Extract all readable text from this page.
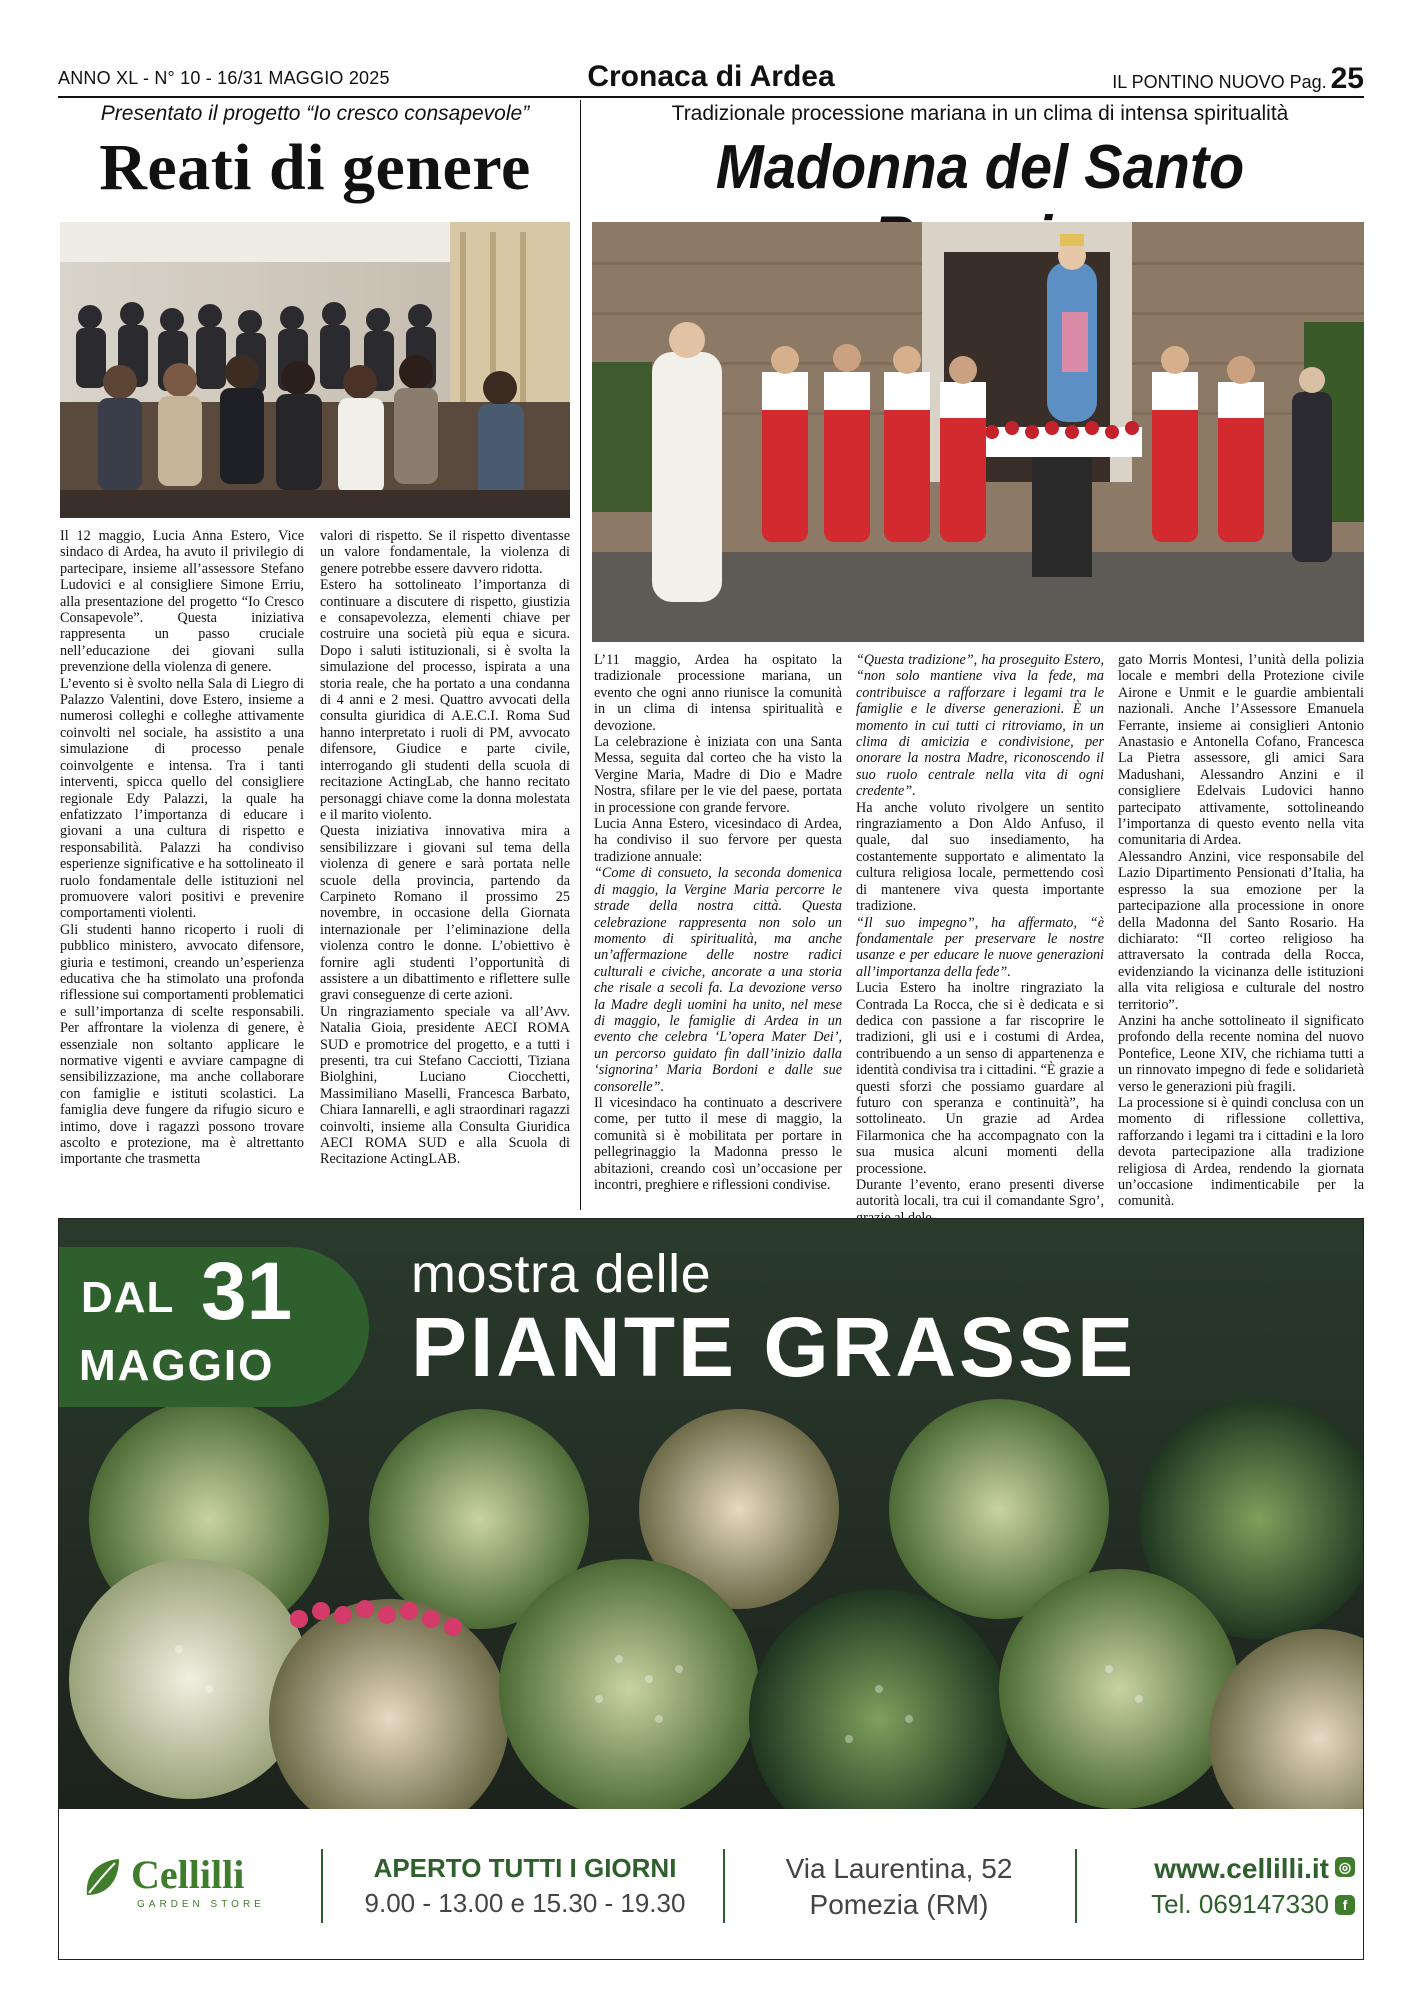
ANNO XL - N° 10 - 16/31 MAGGIO 2025	Cronaca di Ardea	IL PONTINO NUOVO Pag. 25
Presentato il progetto “Io cresco consapevole”
Reati di genere

Il 12 maggio, Lucia Anna Estero, Vice sindaco di Ardea, ha avuto il privilegio di partecipare, insieme all’assessore Stefano Ludovici e al consigliere Simone Erriu, alla presentazione del progetto “Io Cresco Consapevole”. Questa iniziativa rappresenta un passo cruciale nell’educazione dei giovani sulla prevenzione della violenza di genere.

L’evento si è svolto nella Sala di Liegro di Palazzo Valentini, dove Estero, insieme a numerosi colleghi e colleghe attivamente coinvolti nel sociale, ha assistito a una simulazione di processo penale coinvolgente e intensa. Tra i tanti interventi, spicca quello del consigliere regionale Edy Palazzi, la quale ha enfatizzato l’importanza di educare i giovani a una cultura di rispetto e responsabilità. Palazzi ha condiviso esperienze significative e ha sottolineato il ruolo fondamentale delle istituzioni nel promuovere valori positivi e prevenire comportamenti violenti.

Gli studenti hanno ricoperto i ruoli di pubblico ministero, avvocato difensore, giuria e testimoni, creando un’esperienza educativa che ha stimolato una profonda riflessione sui comportamenti problematici e sull’importanza di scelte responsabili. Per affrontare la violenza di genere, è essenziale non soltanto applicare le normative vigenti e avviare campagne di sensibilizzazione, ma anche collaborare con famiglie e istituti scolastici. La famiglia deve fungere da rifugio sicuro e intimo, dove i ragazzi possono trovare ascolto e protezione, ma è altrettanto importante che trasmetta

valori di rispetto. Se il rispetto diventasse un valore fondamentale, la violenza di genere potrebbe essere davvero ridotta.

Estero ha sottolineato l’importanza di continuare a discutere di rispetto, giustizia e consapevolezza, elementi chiave per costruire una società più equa e sicura. Dopo i saluti istituzionali, si è svolta la simulazione del processo, ispirata a una storia reale, che ha portato a una condanna di 4 anni e 2 mesi. Quattro avvocati della consulta giuridica di A.E.C.I. Roma Sud hanno interpretato i ruoli di PM, avvocato difensore, Giudice e parte civile, interrogando gli studenti della scuola di recitazione ActingLab, che hanno recitato personaggi chiave come la donna molestata e il marito violento.

Questa iniziativa innovativa mira a sensibilizzare i giovani sul tema della violenza di genere e sarà portata nelle scuole della provincia, partendo da Carpineto Romano il prossimo 25 novembre, in occasione della Giornata internazionale per l’eliminazione della violenza contro le donne. L’obiettivo è fornire agli studenti l’opportunità di assistere a un dibattimento e riflettere sulle gravi conseguenze di certe azioni.

Un ringraziamento speciale va all’Avv. Natalia Gioia, presidente AECI ROMA SUD e promotrice del progetto, e a tutti i presenti, tra cui Stefano Cacciotti, Tiziana Biolghini, Luciano Ciocchetti, Massimiliano Maselli, Francesca Barbato, Chiara Iannarelli, e agli straordinari ragazzi coinvolti, insieme alla Consulta Giuridica AECI ROMA SUD e alla Scuola di Recitazione ActingLAB.

Tradizionale processione mariana in un clima di intensa spiritualità
Madonna del Santo

L’11 maggio, Ardea ha ospitato la tradizionale processione mariana, un evento che ogni anno riunisce la comunità in un clima di intensa spiritualità e devozione.

La celebrazione è iniziata con una Santa Messa, seguita dal corteo che ha visto la Vergine Maria, Madre di Dio e Madre Nostra, sfilare per le vie del paese, portata in processione con grande fervore.

Lucia Anna Estero, vicesindaco di Ardea, ha condiviso il suo fervore per questa tradizione annuale:

“Come di consueto, la seconda domenica di maggio, la Vergine Maria percorre le strade della nostra città. Questa celebrazione rappresenta non solo un momento di spiritualità, ma anche un’affermazione delle nostre radici culturali e civiche, ancorate a una storia che risale a secoli fa. La devozione verso la Madre degli uomini ha unito, nel mese di maggio, le famiglie di Ardea in un evento che celebra ‘L’opera Mater Dei’, un percorso guidato fin dall’inizio dalla ‘signorina’ Maria Bordoni e dalle sue consorelle”.

Il vicesindaco ha continuato a descrivere come, per tutto il mese di maggio, la comunità si è mobilitata per portare in pellegrinaggio la Madonna presso le abitazioni, creando così un’occasione per incontri, preghiere e riflessioni condivise.

“Questa tradizione”, ha proseguito Estero, “non solo mantiene viva la fede, ma contribuisce a rafforzare i legami tra le famiglie e le diverse generazioni. È un momento in cui tutti ci ritroviamo, in un clima di amicizia e condivisione, per onorare la nostra Madre, riconoscendo il suo ruolo centrale nella vita di ogni credente”.

Ha anche voluto rivolgere un sentito ringraziamento a Don Aldo Anfuso, il quale, dal suo insediamento, ha costantemente supportato e alimentato la cultura religiosa locale, permettendo così di mantenere viva questa importante tradizione.

“Il suo impegno”, ha affermato, “è fondamentale per preservare le nostre usanze e per educare le nuove generazioni all’importanza della fede”.

Lucia Estero ha inoltre ringraziato la Contrada La Rocca, che si è dedicata e si dedica con passione a far riscoprire le tradizioni, gli usi e i costumi di Ardea, contribuendo a un senso di appartenenza e identità condivisa tra i cittadini. “È grazie a questi sforzi che possiamo guardare al futuro con speranza e continuità”, ha sottolineato. Un grazie ad Ardea Filarmonica che ha accompagnato con la sua musica alcuni momenti della processione.

Durante l’evento, erano presenti diverse autorità locali, tra cui il comandante Sgro’,

gato Morris Montesi, l’unità della polizia locale e membri della Protezione civile Airone e Unmit e le guardie ambientali nazionali. Anche l’Assessore Emanuela Ferrante, insieme ai consiglieri Antonio Anastasio e Antonella Cofano, Francesca La Pietra assessore, gli amici Sara Madushani, Alessandro Anzini e il consigliere Edelvais Ludovici hanno partecipato attivamente, sottolineando l’importanza di questo evento nella vita comunitaria di Ardea.

Alessandro Anzini, vice responsabile del Lazio Dipartimento Pensionati d’Italia, ha espresso la sua emozione per la partecipazione alla processione in onore della Madonna del Santo Rosario. Ha dichiarato: “Il corteo religioso ha attraversato la contrada della Rocca, evidenziando la vicinanza delle istituzioni alla vita religiosa e culturale del nostro territorio”.

Anzini ha anche sottolineato il significato profondo della recente nomina del nuovo Pontefice, Leone XIV, che richiama tutti a un rinnovato impegno di fede e solidarietà verso le generazioni più fragili.

La processione si è quindi conclusa con un momento di riflessione collettiva, rafforzando i legami tra i cittadini e la loro devota partecipazione alla tradizione religiosa di Ardea, rendendo la giornata un’occasione indimenticabile per la comunità.

DAL 31
MAGGIO
mostra delle
PIANTE GRASSE
Cellilli
GARDEN STORE
APERTO TUTTI I GIORNI
9.00 - 13.00 e 15.30 - 19.30
Via Laurentina, 52
Pomezia (RM)
www.cellilli.it
Tel. 069147330
◎
f
